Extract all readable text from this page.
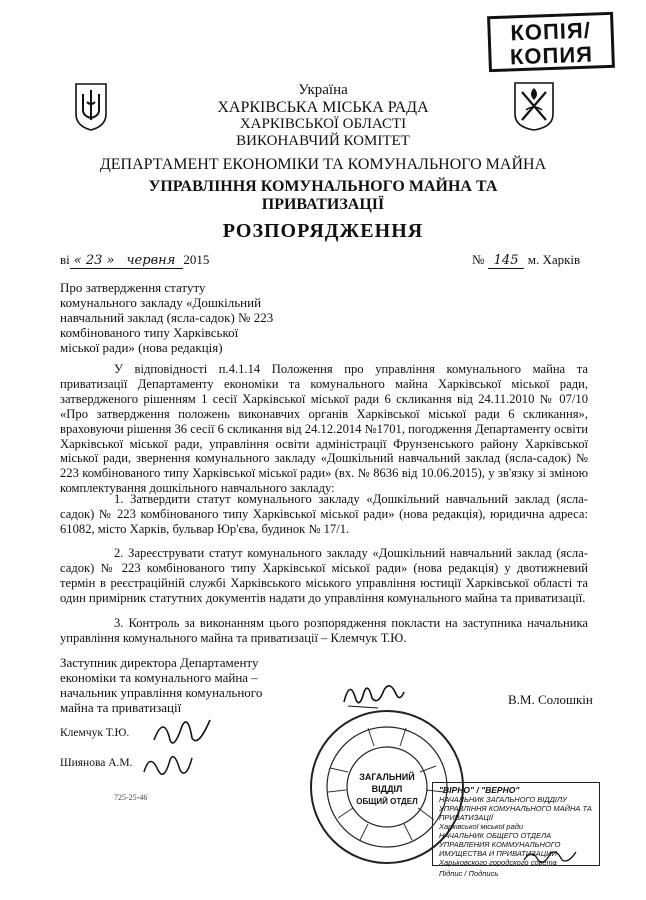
КОПІЯ/
КОПИЯ
Україна
ХАРКІВСЬКА МІСЬКА РАДА
ХАРКІВСЬКОЇ ОБЛАСТІ
ВИКОНАВЧИЙ КОМІТЕТ
ДЕПАРТАМЕНТ ЕКОНОМІКИ ТА КОМУНАЛЬНОГО МАЙНА
УПРАВЛІННЯ КОМУНАЛЬНОГО МАЙНА ТА
ПРИВАТИЗАЦІЇ
РОЗПОРЯДЖЕННЯ
ві « 23 » червня 2015	№ 145 м. Харків
Про затвердження статуту
комунального закладу «Дошкільний
навчальний заклад (ясла-садок) № 223
комбінованого типу Харківської
міської ради» (нова редакція)
У відповідності п.4.1.14 Положення про управління комунального майна та приватизації Департаменту економіки та комунального майна Харківської міської ради, затвердженого рішенням 1 сесії Харківської міської ради 6 скликання від 24.11.2010 № 07/10 «Про затвердження положень виконавчих органів Харківської міської ради 6 скликання», враховуючи рішення 36 сесії 6 скликання від 24.12.2014 №1701, погодження Департаменту освіти Харківської міської ради, управління освіти адміністрації Фрунзенського району Харківської міської ради, звернення комунального закладу «Дошкільний навчальний заклад (ясла-садок) № 223 комбінованого типу Харківської міської ради» (вх. № 8636 від 10.06.2015), у зв'язку зі зміною комплектування дошкільного навчального закладу:
1. Затвердити статут комунального закладу «Дошкільний навчальний заклад (ясла-садок) № 223 комбінованого типу Харківської міської ради» (нова редакція), юридична адреса: 61082, місто Харків, бульвар Юр'єва, будинок № 17/1.
2. Зареєструвати статут комунального закладу «Дошкільний навчальний заклад (ясла-садок) № 223 комбінованого типу Харківської міської ради» (нова редакція) у двотижневий термін в реєстраційній службі Харківського міського управління юстиції Харківської області та один примірник статутних документів надати до управління комунального майна та приватизації.
3. Контроль за виконанням цього розпорядження покласти на заступника начальника управління комунального майна та приватизації – Клемчук Т.Ю.
Заступник директора Департаменту
економіки та комунального майна –
начальник управління комунального
майна та приватизації
В.М. Солошкін
Клемчук Т.Ю.
Шиянова А.М.
725-25-46
ЗАГАЛЬНИЙ
ВІДДІЛ
ОБЩИЙ ОТДЕЛ
"ВІРНО" / "ВЕРНО"
НАЧАЛЬНИК ЗАГАЛЬНОГО ВІДДІЛУ
УПРАВЛІННЯ КОМУНАЛЬНОГО МАЙНА ТА ПРИВАТИЗАЦІЇ
Харківської міської ради
НАЧАЛЬНИК ОБЩЕГО ОТДЕЛА
УПРАВЛЕНИЯ КОММУНАЛЬНОГО ИМУЩЕСТВА И ПРИВАТИЗАЦИИ
Харьковского городского совета
Підпис / Подпись
